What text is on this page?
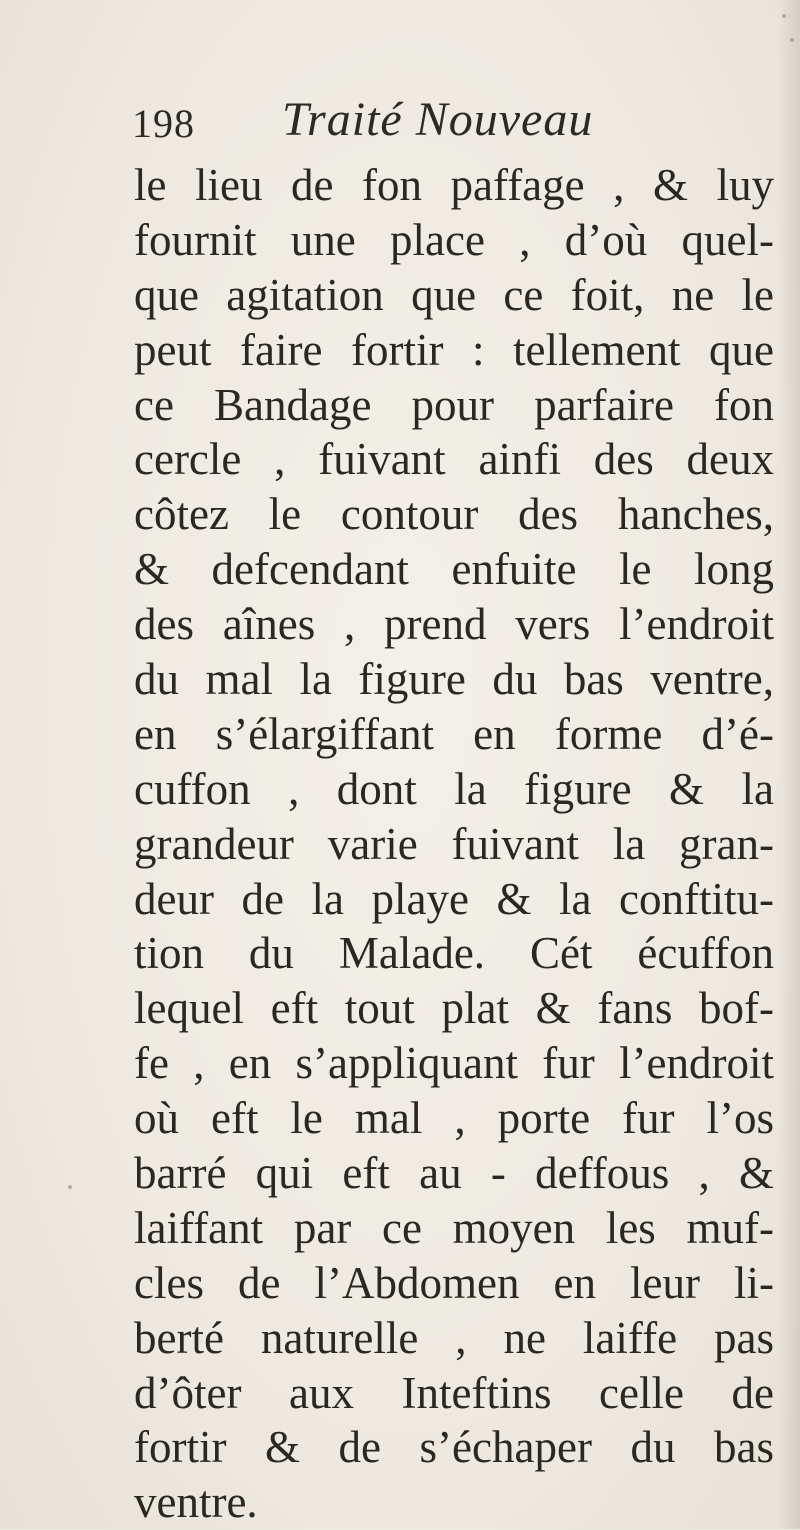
198 Traité Nouveau
le lieu de fon paffage , & luy
fournit une place , d’où quel-
que agitation que ce foit, ne le
peut faire fortir : tellement que
ce Bandage pour parfaire fon
cercle , fuivant ainfi des deux
côtez le contour des hanches,
& defcendant enfuite le long
des aînes , prend vers l’endroit
du mal la figure du bas ventre,
en s’élargiffant en forme d’é-
cuffon , dont la figure & la
grandeur varie fuivant la gran-
deur de la playe & la conftitu-
tion du Malade. Cét écuffon
lequel eft tout plat & fans bof-
fe , en s’appliquant fur l’endroit
où eft le mal , porte fur l’os
barré qui eft au - deffous , &
laiffant par ce moyen les muf-
cles de l’Abdomen en leur li-
berté naturelle , ne laiffe pas
d’ôter aux Inteftins celle de
fortir & de s’échaper du bas
ventre.
